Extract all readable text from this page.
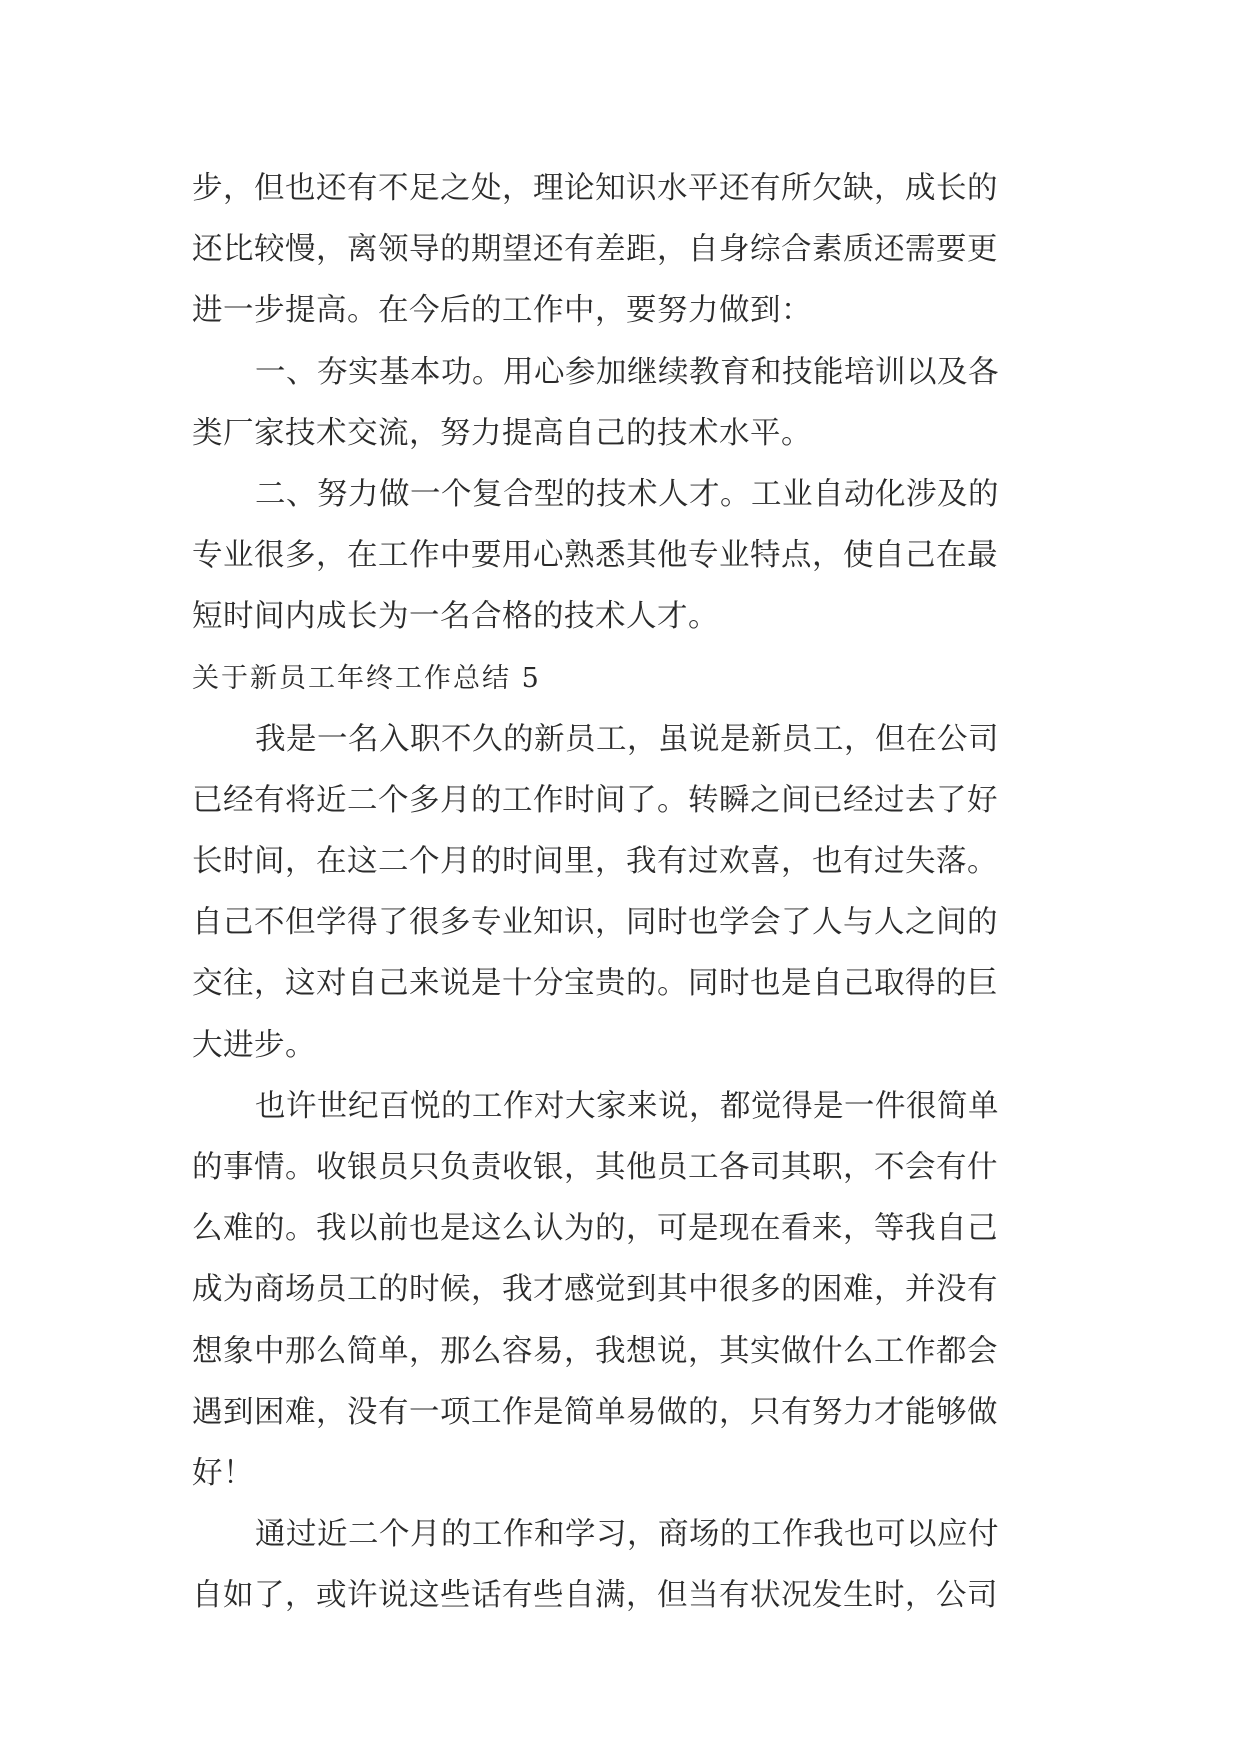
步，但也还有不足之处，理论知识水平还有所欠缺，成长的
还比较慢，离领导的期望还有差距，自身综合素质还需要更
进一步提高。在今后的工作中，要努力做到：
一、夯实基本功。用心参加继续教育和技能培训以及各
类厂家技术交流，努力提高自己的技术水平。
二、努力做一个复合型的技术人才。工业自动化涉及的
专业很多，在工作中要用心熟悉其他专业特点，使自己在最
短时间内成长为一名合格的技术人才。
关于新员工年终工作总结 5
我是一名入职不久的新员工，虽说是新员工，但在公司
已经有将近二个多月的工作时间了。转瞬之间已经过去了好
长时间，在这二个月的时间里，我有过欢喜，也有过失落。
自己不但学得了很多专业知识，同时也学会了人与人之间的
交往，这对自己来说是十分宝贵的。同时也是自己取得的巨
大进步。
也许世纪百悦的工作对大家来说，都觉得是一件很简单
的事情。收银员只负责收银，其他员工各司其职，不会有什
么难的。我以前也是这么认为的，可是现在看来，等我自己
成为商场员工的时候，我才感觉到其中很多的困难，并没有
想象中那么简单，那么容易，我想说，其实做什么工作都会
遇到困难，没有一项工作是简单易做的，只有努力才能够做
好！
通过近二个月的工作和学习，商场的工作我也可以应付
自如了，或许说这些话有些自满，但当有状况发生时，公司
